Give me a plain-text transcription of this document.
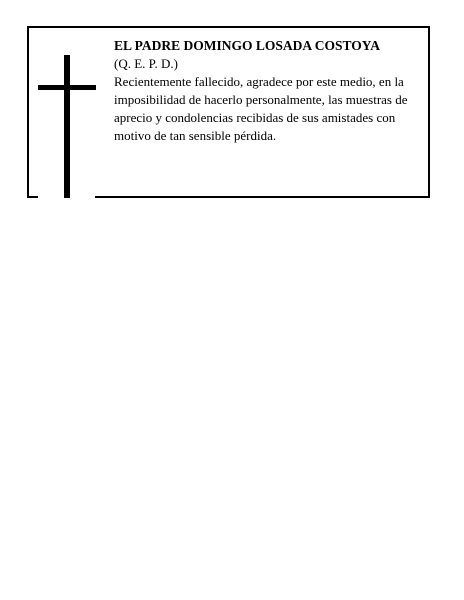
EL PADRE DOMINGO LOSADA COSTOYA

(Q. E. P. D.)

Recientemente fallecido, agradece por este medio, en la imposibilidad de hacerlo personalmente, las muestras de aprecio y condolencias recibidas de sus amistades con motivo de tan sensible pérdida.
